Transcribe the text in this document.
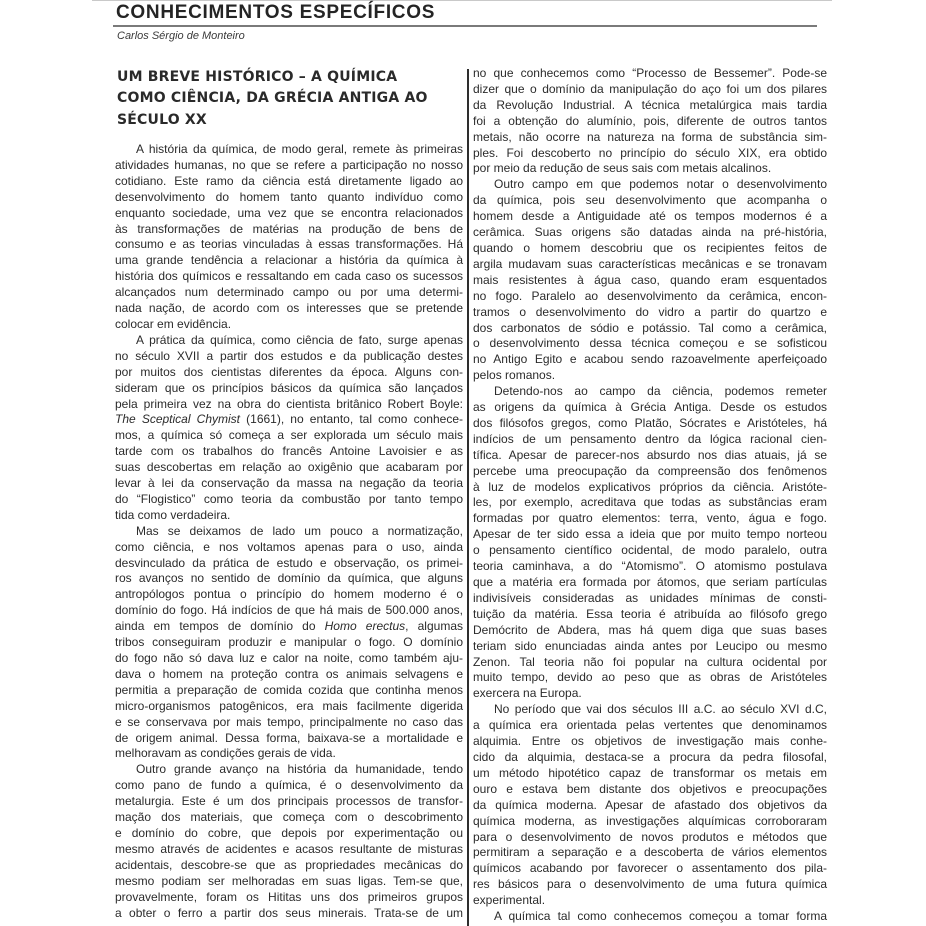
CONHECIMENTOS ESPECÍFICOS
Carlos Sérgio de Monteiro
UM BREVE HISTÓRICO – A QUÍMICA
COMO CIÊNCIA, DA GRÉCIA ANTIGA AO
SÉCULO XX
A história da química, de modo geral, remete às primeiras
atividades humanas, no que se refere a participação no nosso
cotidiano. Este ramo da ciência está diretamente ligado ao
desenvolvimento do homem tanto quanto indivíduo como
enquanto sociedade, uma vez que se encontra relacionados
às transformações de matérias na produção de bens de
consumo e as teorias vinculadas à essas transformações. Há
uma grande tendência a relacionar a história da química à
história dos químicos e ressaltando em cada caso os sucessos
alcançados num determinado campo ou por uma determi-
nada nação, de acordo com os interesses que se pretende
colocar em evidência.
A prática da química, como ciência de fato, surge apenas
no século XVII a partir dos estudos e da publicação destes
por muitos dos cientistas diferentes da época. Alguns con-
sideram que os princípios básicos da química são lançados
pela primeira vez na obra do cientista britânico Robert Boyle:
The Sceptical Chymist (1661), no entanto, tal como conhece-
mos, a química só começa a ser explorada um século mais
tarde com os trabalhos do francês Antoine Lavoisier e as
suas descobertas em relação ao oxigênio que acabaram por
levar à lei da conservação da massa na negação da teoria
do “Flogistico” como teoria da combustão por tanto tempo
tida como verdadeira.
Mas se deixamos de lado um pouco a normatização,
como ciência, e nos voltamos apenas para o uso, ainda
desvinculado da prática de estudo e observação, os primei-
ros avanços no sentido de domínio da química, que alguns
antropólogos pontua o princípio do homem moderno é o
domínio do fogo. Há indícios de que há mais de 500.000 anos,
ainda em tempos de domínio do Homo erectus, algumas
tribos conseguiram produzir e manipular o fogo. O domínio
do fogo não só dava luz e calor na noite, como também aju-
dava o homem na proteção contra os animais selvagens e
permitia a preparação de comida cozida que continha menos
micro-organismos patogênicos, era mais facilmente digerida
e se conservava por mais tempo, principalmente no caso das
de origem animal. Dessa forma, baixava-se a mortalidade e
melhoravam as condições gerais de vida.
Outro grande avanço na história da humanidade, tendo
como pano de fundo a química, é o desenvolvimento da
metalurgia. Este é um dos principais processos de transfor-
mação dos materiais, que começa com o descobrimento
e domínio do cobre, que depois por experimentação ou
mesmo através de acidentes e acasos resultante de misturas
acidentais, descobre-se que as propriedades mecânicas do
mesmo podiam ser melhoradas em suas ligas. Tem-se que,
provavelmente, foram os Hititas uns dos primeiros grupos
a obter o ferro a partir dos seus minerais. Trata-se de um
no que conhecemos como “Processo de Bessemer”. Pode-se
dizer que o domínio da manipulação do aço foi um dos pilares
da Revolução Industrial. A técnica metalúrgica mais tardia
foi a obtenção do alumínio, pois, diferente de outros tantos
metais, não ocorre na natureza na forma de substância sim-
ples. Foi descoberto no princípio do século XIX, era obtido
por meio da redução de seus sais com metais alcalinos.
Outro campo em que podemos notar o desenvolvimento
da química, pois seu desenvolvimento que acompanha o
homem desde a Antiguidade até os tempos modernos é a
cerâmica. Suas origens são datadas ainda na pré-história,
quando o homem descobriu que os recipientes feitos de
argila mudavam suas características mecânicas e se tronavam
mais resistentes à água caso, quando eram esquentados
no fogo. Paralelo ao desenvolvimento da cerâmica, encon-
tramos o desenvolvimento do vidro a partir do quartzo e
dos carbonatos de sódio e potássio. Tal como a cerâmica,
o desenvolvimento dessa técnica começou e se sofisticou
no Antigo Egito e acabou sendo razoavelmente aperfeiçoado
pelos romanos.
Detendo-nos ao campo da ciência, podemos remeter
as origens da química à Grécia Antiga. Desde os estudos
dos filósofos gregos, como Platão, Sócrates e Aristóteles, há
indícios de um pensamento dentro da lógica racional cien-
tífica. Apesar de parecer-nos absurdo nos dias atuais, já se
percebe uma preocupação da compreensão dos fenômenos
à luz de modelos explicativos próprios da ciência. Aristóte-
les, por exemplo, acreditava que todas as substâncias eram
formadas por quatro elementos: terra, vento, água e fogo.
Apesar de ter sido essa a ideia que por muito tempo norteou
o pensamento científico ocidental, de modo paralelo, outra
teoria caminhava, a do “Atomismo”. O atomismo postulava
que a matéria era formada por átomos, que seriam partículas
indivisíveis consideradas as unidades mínimas de consti-
tuição da matéria. Essa teoria é atribuída ao filósofo grego
Demócrito de Abdera, mas há quem diga que suas bases
teriam sido enunciadas ainda antes por Leucipo ou mesmo
Zenon. Tal teoria não foi popular na cultura ocidental por
muito tempo, devido ao peso que as obras de Aristóteles
exercera na Europa.
No período que vai dos séculos III a.C. ao século XVI d.C,
a química era orientada pelas vertentes que denominamos
alquimia. Entre os objetivos de investigação mais conhe-
cido da alquimia, destaca-se a procura da pedra filosofal,
um método hipotético capaz de transformar os metais em
ouro e estava bem distante dos objetivos e preocupações
da química moderna. Apesar de afastado dos objetivos da
química moderna, as investigações alquímicas corroboraram
para o desenvolvimento de novos produtos e métodos que
permitiram a separação e a descoberta de vários elementos
químicos acabando por favorecer o assentamento dos pila-
res básicos para o desenvolvimento de uma futura química
experimental.
A química tal como conhecemos começou a tomar forma
